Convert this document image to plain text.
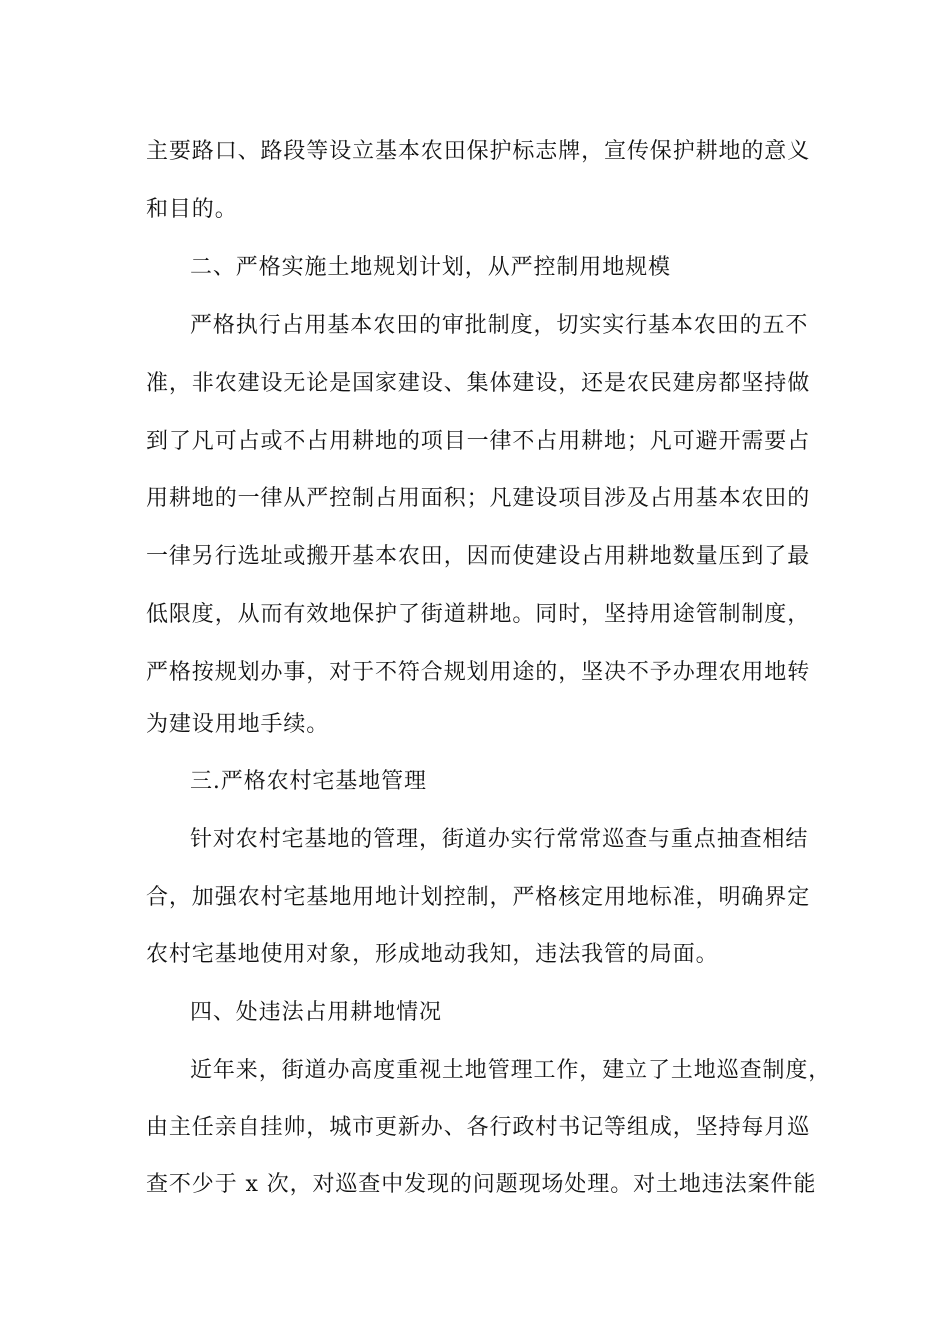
主要路口、路段等设立基本农田保护标志牌，宣传保护耕地的意义
和目的。
二、严格实施土地规划计划，从严控制用地规模
严格执行占用基本农田的审批制度，切实实行基本农田的五不
准，非农建设无论是国家建设、集体建设，还是农民建房都坚持做
到了凡可占或不占用耕地的项目一律不占用耕地；凡可避开需要占
用耕地的一律从严控制占用面积；凡建设项目涉及占用基本农田的
一律另行选址或搬开基本农田，因而使建设占用耕地数量压到了最
低限度，从而有效地保护了街道耕地。同时，坚持用途管制制度，
严格按规划办事，对于不符合规划用途的，坚决不予办理农用地转
为建设用地手续。
三.严格农村宅基地管理
针对农村宅基地的管理，街道办实行常常巡查与重点抽查相结
合，加强农村宅基地用地计划控制，严格核定用地标准，明确界定
农村宅基地使用对象，形成地动我知，违法我管的局面。
四、处违法占用耕地情况
近年来，街道办高度重视土地管理工作，建立了土地巡查制度，
由主任亲自挂帅，城市更新办、各行政村书记等组成，坚持每月巡
查不少于 x 次，对巡查中发现的问题现场处理。对土地违法案件能
